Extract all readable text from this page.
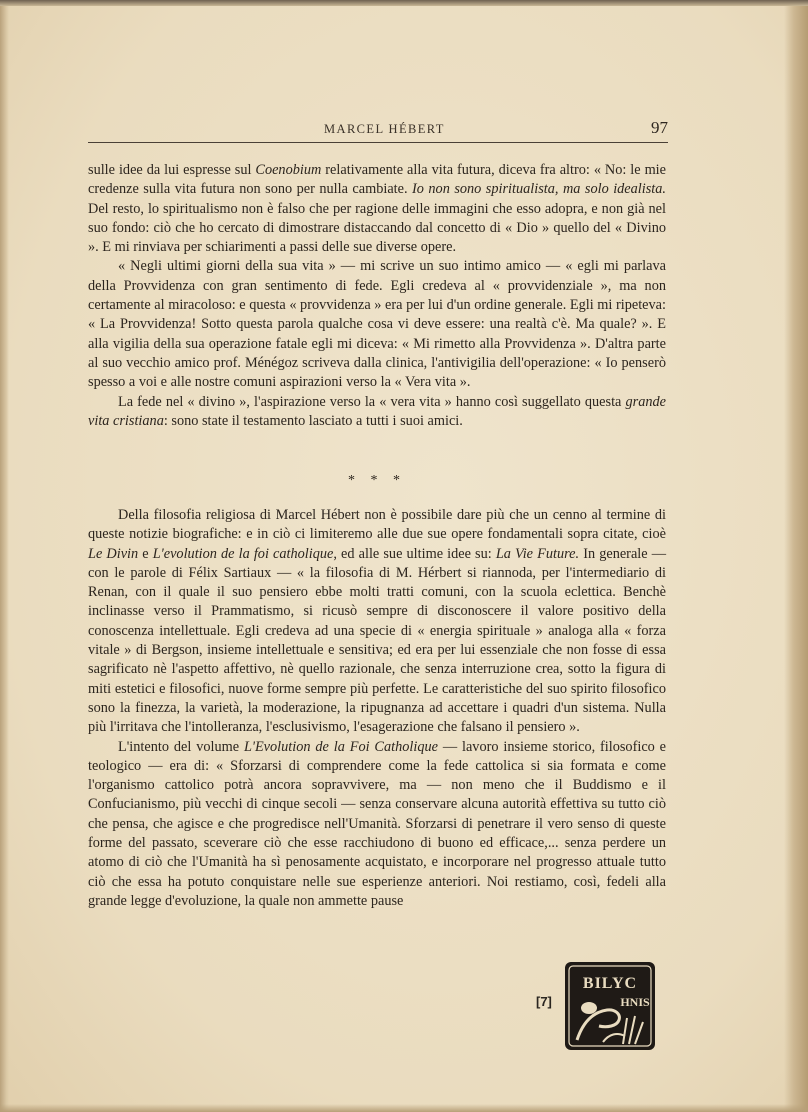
MARCEL HÉBERT	97

sulle idee da lui espresse sul Coenobium relativamente alla vita futura, diceva fra altro: « No: le mie credenze sulla vita futura non sono per nulla cambiate. Io non sono spiritualista, ma solo idealista. Del resto, lo spiritualismo non è falso che per ragione delle immagini che esso adopra, e non già nel suo fondo: ciò che ho cercato di dimostrare distaccando dal concetto di « Dio » quello del « Divino ». E mi rinviava per schiarimenti a passi delle sue diverse opere.

« Negli ultimi giorni della sua vita » — mi scrive un suo intimo amico — « egli mi parlava della Provvidenza con gran sentimento di fede. Egli credeva al « provvidenziale », ma non certamente al miracoloso: e questa « provvidenza » era per lui d'un ordine generale. Egli mi ripeteva: « La Provvidenza! Sotto questa parola qualche cosa vi deve essere: una realtà c'è. Ma quale? ». E alla vigilia della sua operazione fatale egli mi diceva: « Mi rimetto alla Provvidenza ». D'altra parte al suo vecchio amico prof. Ménégoz scriveva dalla clinica, l'antivigilia dell'operazione: « Io penserò spesso a voi e alle nostre comuni aspirazioni verso la « Vera vita ».

La fede nel « divino », l'aspirazione verso la « vera vita » hanno così suggellato questa grande vita cristiana: sono state il testamento lasciato a tutti i suoi amici.

* * *

Della filosofia religiosa di Marcel Hébert non è possibile dare più che un cenno al termine di queste notizie biografiche: e in ciò ci limiteremo alle due sue opere fondamentali sopra citate, cioè Le Divin e L'evolution de la foi catholique, ed alle sue ultime idee su: La Vie Future. In generale — con le parole di Félix Sartiaux — « la filosofia di M. Hérbert si riannoda, per l'intermediario di Renan, con il quale il suo pensiero ebbe molti tratti comuni, con la scuola eclettica. Benchè inclinasse verso il Prammatismo, si ricusò sempre di disconoscere il valore positivo della conoscenza intellettuale. Egli credeva ad una specie di « energia spirituale » analoga alla « forza vitale » di Bergson, insieme intellettuale e sensitiva; ed era per lui essenziale che non fosse di essa sagrificato nè l'aspetto affettivo, nè quello razionale, che senza interruzione crea, sotto la figura di miti estetici e filosofici, nuove forme sempre più perfette. Le caratteristiche del suo spirito filosofico sono la finezza, la varietà, la moderazione, la ripugnanza ad accettare i quadri d'un sistema. Nulla più l'irritava che l'intolleranza, l'esclusivismo, l'esagerazione che falsano il pensiero ».

L'intento del volume L'Evolution de la Foi Catholique — lavoro insieme storico, filosofico e teologico — era di: « Sforzarsi di comprendere come la fede cattolica si sia formata e come l'organismo cattolico potrà ancora sopravvivere, ma — non meno che il Buddismo e il Confucianismo, più vecchi di cinque secoli — senza conservare alcuna autorità effettiva su tutto ciò che pensa, che agisce e che progredisce nell'Umanità. Sforzarsi di penetrare il vero senso di queste forme del passato, sceverare ciò che esse racchiudono di buono ed efficace,... senza perdere un atomo di ciò che l'Umanità ha sì penosamente acquistato, e incorporare nel progresso attuale tutto ciò che essa ha potuto conquistare nelle sue esperienze anteriori. Noi restiamo, così, fedeli alla grande legge d'evoluzione, la quale non ammette pause

[7]
BILYC
HNIS
